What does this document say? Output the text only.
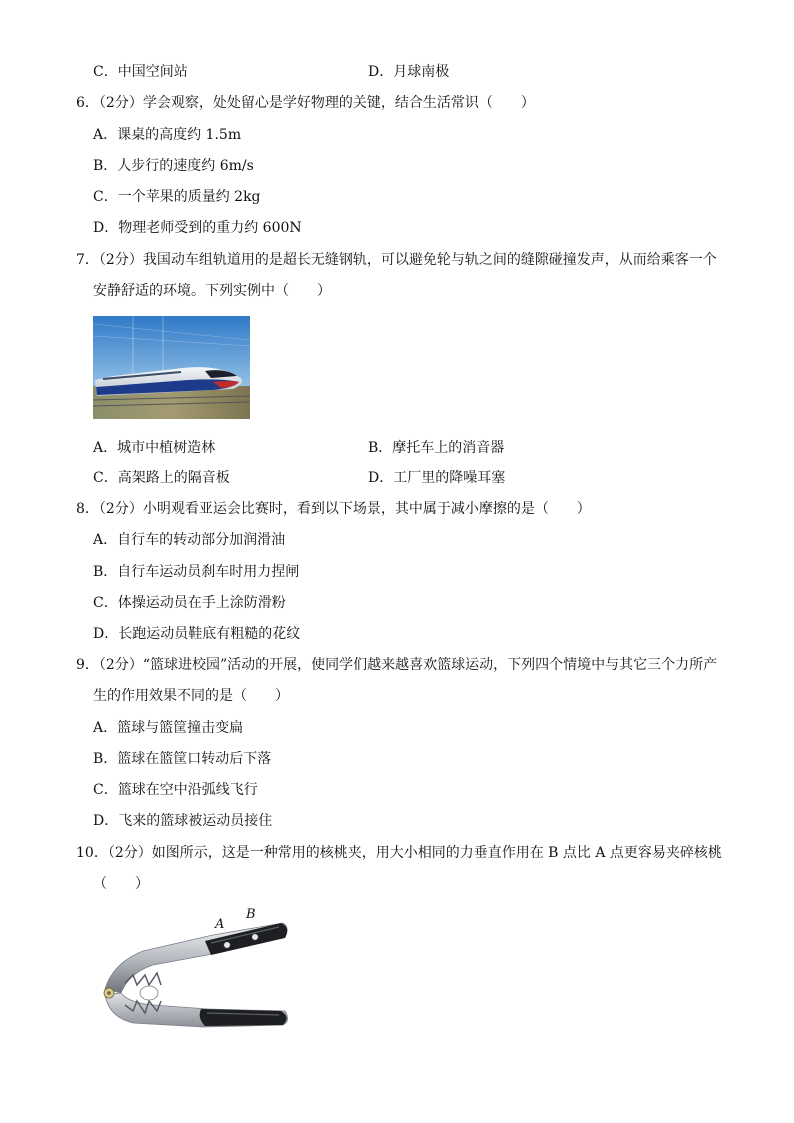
C．中国空间站	D．月球南极
6．（2分）学会观察，处处留心是学好物理的关键，结合生活常识（　　）
A．课桌的高度约 1.5m
B．人步行的速度约 6m/s
C．一个苹果的质量约 2kg
D．物理老师受到的重力约 600N
7．（2分）我国动车组轨道用的是超长无缝钢轨，可以避免轮与轨之间的缝隙碰撞发声，从而给乘客一个
安静舒适的环境。下列实例中（　　）
A．城市中植树造林	B．摩托车上的消音器
C．高架路上的隔音板	D．工厂里的降噪耳塞
8．（2分）小明观看亚运会比赛时，看到以下场景，其中属于减小摩擦的是（　　）
A．自行车的转动部分加润滑油
B．自行车运动员刹车时用力捏闸
C．体操运动员在手上涂防滑粉
D．长跑运动员鞋底有粗糙的花纹
9．（2分）“篮球进校园”活动的开展，使同学们越来越喜欢篮球运动，下列四个情境中与其它三个力所产
生的作用效果不同的是（　　）
A．篮球与篮筐撞击变扁
B．篮球在篮筐口转动后下落
C．篮球在空中沿弧线飞行
D．飞来的篮球被运动员接住
10．（2分）如图所示，这是一种常用的核桃夹，用大小相同的力垂直作用在 B 点比 A 点更容易夹碎核桃
（　　）
A
B
